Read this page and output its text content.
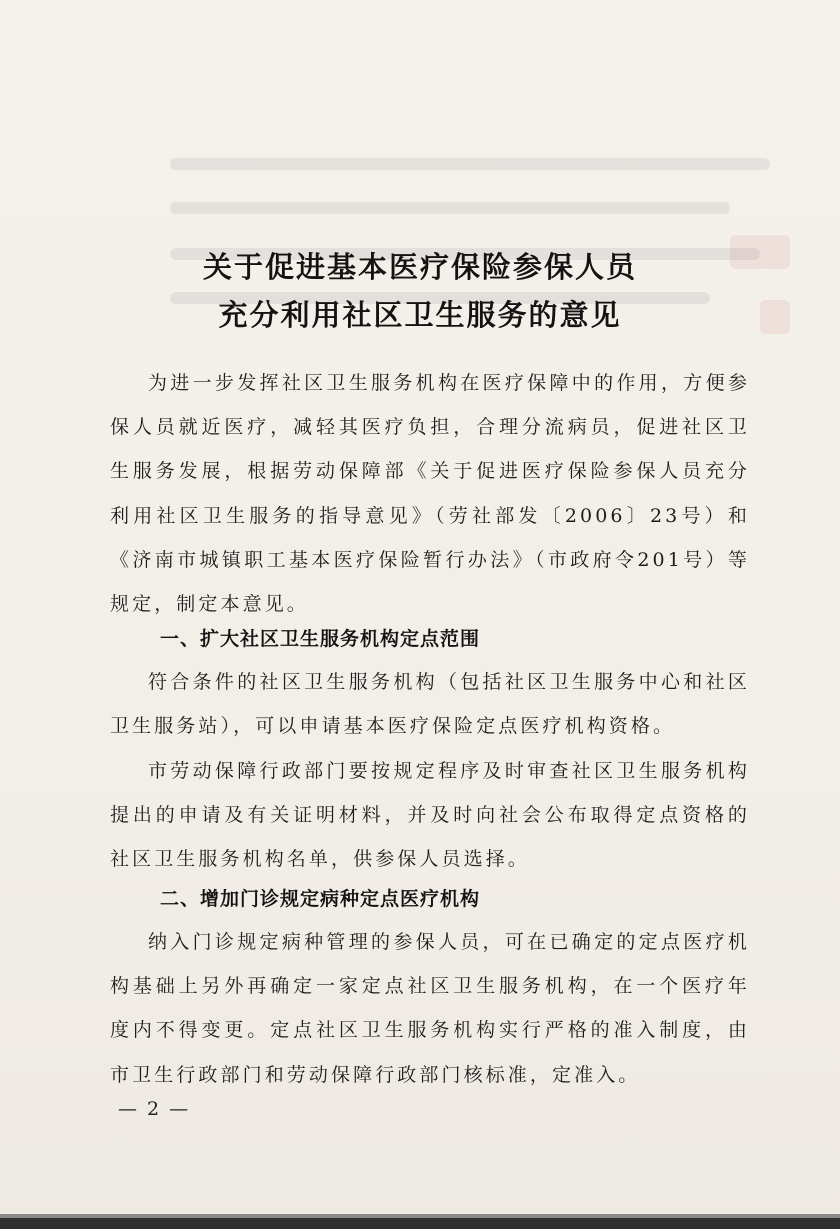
关于促进基本医疗保险参保人员
充分利用社区卫生服务的意见
为进一步发挥社区卫生服务机构在医疗保障中的作用，方便参保人员就近医疗，减轻其医疗负担，合理分流病员，促进社区卫生服务发展，根据劳动保障部《关于促进医疗保险参保人员充分利用社区卫生服务的指导意见》（劳社部发〔2006〕23号）和《济南市城镇职工基本医疗保险暂行办法》（市政府令201号）等规定，制定本意见。
一、扩大社区卫生服务机构定点范围
符合条件的社区卫生服务机构（包括社区卫生服务中心和社区卫生服务站），可以申请基本医疗保险定点医疗机构资格。
市劳动保障行政部门要按规定程序及时审查社区卫生服务机构提出的申请及有关证明材料，并及时向社会公布取得定点资格的社区卫生服务机构名单，供参保人员选择。
二、增加门诊规定病种定点医疗机构
纳入门诊规定病种管理的参保人员，可在已确定的定点医疗机构基础上另外再确定一家定点社区卫生服务机构，在一个医疗年度内不得变更。定点社区卫生服务机构实行严格的准入制度，由市卫生行政部门和劳动保障行政部门核标准，定准入。
— 2 —
